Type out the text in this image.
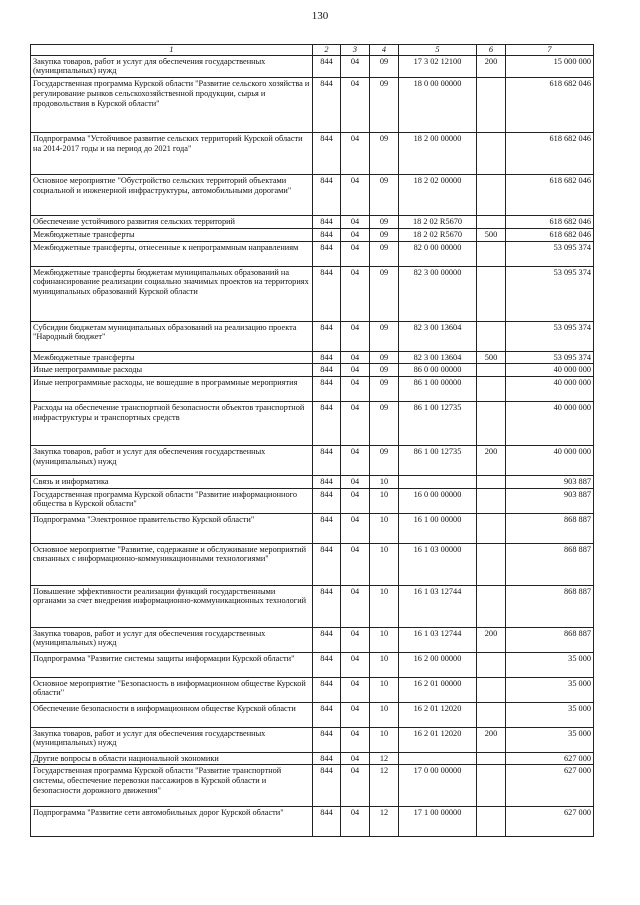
130
1	2	3	4	5	6	7
Закупка товаров, работ и услуг для обеспечения государственных (муниципальных) нужд	844	04	09	17 3 02 12100	200	15 000 000
Государственная программа Курской области "Развитие сельского хозяйства и регулирование рынков сельскохозяйственной продукции, сырья и продовольствия в Курской области"	844	04	09	18 0 00 00000		618 682 046
Подпрограмма "Устойчивое развитие сельских территорий Курской области на 2014-2017 годы и на период до 2021 года"	844	04	09	18 2 00 00000		618 682 046
Основное мероприятие "Обустройство сельских территорий объектами социальной и инженерной инфраструктуры, автомобильными дорогами"	844	04	09	18 2 02 00000		618 682 046
Обеспечение устойчивого развития сельских территорий	844	04	09	18 2 02 R5670		618 682 046
Межбюджетные трансферты	844	04	09	18 2 02 R5670	500	618 682 046
Межбюджетные трансферты, отнесенные к непрограммным направлениям	844	04	09	82 0 00 00000		53 095 374
Межбюджетные трансферты бюджетам муниципальных образований на софинансирование реализации социально значимых проектов на территориях муниципальных образований Курской области	844	04	09	82 3 00 00000		53 095 374
Субсидии бюджетам муниципальных образований на реализацию проекта "Народный бюджет"	844	04	09	82 3 00 13604		53 095 374
Межбюджетные трансферты	844	04	09	82 3 00 13604	500	53 095 374
Иные непрограммные расходы	844	04	09	86 0 00 00000		40 000 000
Иные непрограммные расходы, не вошедшие в программные мероприятия	844	04	09	86 1 00 00000		40 000 000
Расходы на обеспечение транспортной безопасности объектов транспортной инфраструктуры и транспортных средств	844	04	09	86 1 00 12735		40 000 000
Закупка товаров, работ и услуг для обеспечения государственных (муниципальных) нужд	844	04	09	86 1 00 12735	200	40 000 000
Связь и информатика	844	04	10			903 887
Государственная программа Курской области "Развитие информационного общества в Курской области"	844	04	10	16 0 00 00000		903 887
Подпрограмма "Электронное правительство Курской области"	844	04	10	16 1 00 00000		868 887
Основное мероприятие "Развитие, содержание и обслуживание мероприятий связанных с информационно-коммуникационными технологиями"	844	04	10	16 1 03 00000		868 887
Повышение эффективности реализации функций государственными органами за счет внедрения информационно-коммуникационных технологий	844	04	10	16 1 03 12744		868 887
Закупка товаров, работ и услуг для обеспечения государственных (муниципальных) нужд	844	04	10	16 1 03 12744	200	868 887
Подпрограмма "Развитие системы защиты информации Курской области"	844	04	10	16 2 00 00000		35 000
Основное мероприятие "Безопасность в информационном обществе Курской области"	844	04	10	16 2 01 00000		35 000
Обеспечение безопасности в информационном обществе Курской области	844	04	10	16 2 01 12020		35 000
Закупка товаров, работ и услуг для обеспечения государственных (муниципальных) нужд	844	04	10	16 2 01 12020	200	35 000
Другие вопросы в области национальной экономики	844	04	12			627 000
Государственная программа Курской области "Развитие транспортной системы, обеспечение перевозки пассажиров в Курской области и безопасности дорожного движения"	844	04	12	17 0 00 00000		627 000
Подпрограмма "Развитие сети автомобильных дорог Курской области"	844	04	12	17 1 00 00000		627 000
